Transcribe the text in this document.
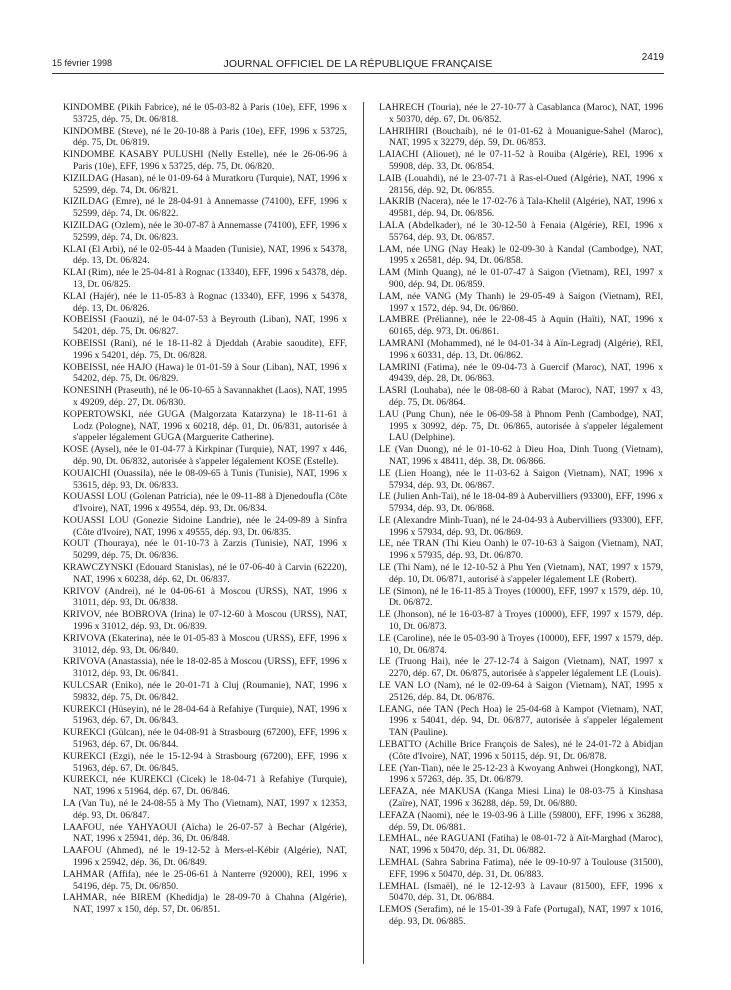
15 février 1998	JOURNAL OFFICIEL DE LA RÉPUBLIQUE FRANÇAISE
2419

KINDOMBE (Pikih Fabrice), né le 05-03-82 à Paris (10e), EFF, 1996 x 53725, dép. 75, Dt. 06/818.

KINDOMBE (Steve), né le 20-10-88 à Paris (10e), EFF, 1996 x 53725, dép. 75, Dt. 06/819.

KINDOMBE KASABY PULUSHI (Nelly Estelle), née le 26-06-96 à Paris (10e), EFF, 1996 x 53725, dép. 75, Dt. 06/820.

KIZILDAG (Hasan), né le 01-09-64 à Muratkoru (Turquie), NAT, 1996 x 52599, dép. 74, Dt. 06/821.

KIZILDAG (Emre), né le 28-04-91 à Annemasse (74100), EFF, 1996 x 52599, dép. 74, Dt. 06/822.

KIZILDAG (Ozlem), née le 30-07-87 à Annemasse (74100), EFF, 1996 x 52599, dép. 74, Dt. 06/823.

KLAI (El Arbi), né le 02-05-44 à Maaden (Tunisie), NAT, 1996 x 54378, dép. 13, Dt. 06/824.

KLAI (Rim), née le 25-04-81 à Rognac (13340), EFF, 1996 x 54378, dép. 13, Dt. 06/825.

KLAI (Hajér), née le 11-05-83 à Rognac (13340), EFF, 1996 x 54378, dép. 13, Dt. 06/826.

KOBEISSI (Faouzi), né le 04-07-53 à Beyrouth (Liban), NAT, 1996 x 54201, dép. 75, Dt. 06/827.

KOBEISSI (Rani), né le 18-11-82 à Djeddah (Arabie saoudite), EFF, 1996 x 54201, dép. 75, Dt. 06/828.

KOBEISSI, née HAJO (Hawa) le 01-01-59 à Sour (Liban), NAT, 1996 x 54202, dép. 75, Dt. 06/829.

KONESINH (Praseuth), né le 06-10-65 à Savannakhet (Laos), NAT, 1995 x 49209, dép. 27, Dt. 06/830.

KOPERTOWSKI, née GUGA (Malgorzata Katarzyna) le 18-11-61 à Lodz (Pologne), NAT, 1996 x 60218, dép. 01, Dt. 06/831, autorisée à s'appeler légalement GUGA (Marguerite Catherine).

KOSE (Aysel), née le 01-04-77 à Kirkpinar (Turquie), NAT, 1997 x 446, dép. 90, Dt. 06/832, autorisée à s'appeler légalement KOSE (Estelle).

KOUAICHI (Ouassila), née le 08-09-65 à Tunis (Tunisie), NAT, 1996 x 53615, dép. 93, Dt. 06/833.

KOUASSI LOU (Golenan Patricia), née le 09-11-88 à Djenedoufla (Côte d'Ivoire), NAT, 1996 x 49554, dép. 93, Dt. 06/834.

KOUASSI LOU (Gonezie Sidoine Landrie), née le 24-09-89 à Sinfra (Côte d'Ivoire), NAT, 1996 x 49555, dép. 93, Dt. 06/835.

KOUT (Thouraya), née le 01-10-73 à Zarzis (Tunisie), NAT, 1996 x 50299, dép. 75, Dt. 06/836.

KRAWCZYNSKI (Edouard Stanislas), né le 07-06-40 à Carvin (62220), NAT, 1996 x 60238, dép. 62, Dt. 06/837.

KRIVOV (Andrei), né le 04-06-61 à Moscou (URSS), NAT, 1996 x 31011, dép. 93, Dt. 06/838.

KRIVOV, née BOBROVA (Irina) le 07-12-60 à Moscou (URSS), NAT, 1996 x 31012, dép. 93, Dt. 06/839.

KRIVOVA (Ekaterina), née le 01-05-83 à Moscou (URSS), EFF, 1996 x 31012, dép. 93, Dt. 06/840.

KRIVOVA (Anastassia), née le 18-02-85 à Moscou (URSS), EFF, 1996 x 31012, dép. 93, Dt. 06/841.

KULCSAR (Eniko), née le 20-01-71 à Cluj (Roumanie), NAT, 1996 x 59832, dép. 75, Dt. 06/842.

KUREKCI (Hüseyin), né le 28-04-64 à Refahiye (Turquie), NAT, 1996 x 51963, dép. 67, Dt. 06/843.

KUREKCI (Gülcan), née le 04-08-91 à Strasbourg (67200), EFF, 1996 x 51963, dép. 67, Dt. 06/844.

KUREKCI (Ezgi), née le 15-12-94 à Strasbourg (67200), EFF, 1996 x 51963, dép. 67, Dt. 06/845.

KUREKCI, née KUREKCI (Cicek) le 18-04-71 à Refahiye (Turquie), NAT, 1996 x 51964, dép. 67, Dt. 06/846.

LA (Van Tu), né le 24-08-55 à My Tho (Vietnam), NAT, 1997 x 12353, dép. 93, Dt. 06/847.

LAAFOU, née YAHYAOUI (Aïcha) le 26-07-57 à Bechar (Algérie), NAT, 1996 x 25941, dép. 36, Dt. 06/848.

LAAFOU (Ahmed), né le 19-12-52 à Mers-el-Kébir (Algérie), NAT, 1996 x 25942, dép. 36, Dt. 06/849.

LAHMAR (Affifa), née le 25-06-61 à Nanterre (92000), REI, 1996 x 54196, dép. 75, Dt. 06/850.

LAHMAR, née BIREM (Khedidja) le 28-09-70 à Chahna (Algérie), NAT, 1997 x 150, dép. 57, Dt. 06/851.

LAHRECH (Touria), née le 27-10-77 à Casablanca (Maroc), NAT, 1996 x 50370, dép. 67, Dt. 06/852.

LAHRIHIRI (Bouchaib), né le 01-01-62 à Mouanigue-Sahel (Maroc), NAT, 1995 x 32279, dép. 59, Dt. 06/853.

LAIACHI (Aliouet), né le 07-11-52 à Rouiba (Algérie), REI, 1996 x 59908, dép. 33, Dt. 06/854.

LAIB (Louahdi), né le 23-07-71 à Ras-el-Oued (Algérie), NAT, 1996 x 28156, dép. 92, Dt. 06/855.

LAKRIB (Nacera), née le 17-02-76 à Tala-Khelil (Algérie), NAT, 1996 x 49581, dép. 94, Dt. 06/856.

LALA (Abdelkader), né le 30-12-50 à Fenaia (Algérie), REI, 1996 x 55764, dép. 93, Dt. 06/857.

LAM, née UNG (Nay Heak) le 02-09-30 à Kandal (Cambodge), NAT, 1995 x 26581, dép. 94, Dt. 06/858.

LAM (Minh Quang), né le 01-07-47 à Saigon (Vietnam), REI, 1997 x 900, dép. 94, Dt. 06/859.

LAM, née VANG (My Thanh) le 29-05-49 à Saigon (Vietnam), REI, 1997 x 1572, dép. 94, Dt. 06/860.

LAMBRE (Prélianne), née le 22-08-45 à Aquin (Haïti), NAT, 1996 x 60165, dép. 973, Dt. 06/861.

LAMRANI (Mohammed), né le 04-01-34 à Aïn-Legradj (Algérie), REI, 1996 x 60331, dép. 13, Dt. 06/862.

LAMRINI (Fatima), née le 09-04-73 à Guercif (Maroc), NAT, 1996 x 49439, dép. 28, Dt. 06/863.

LASRI (Louhaba), née le 08-08-60 à Rabat (Maroc), NAT, 1997 x 43, dép. 75, Dt. 06/864.

LAU (Pung Chun), née le 06-09-58 à Phnom Penh (Cambodge), NAT, 1995 x 30992, dép. 75, Dt. 06/865, autorisée à s'appeler légalement LAU (Delphine).

LE (Van Duong), né le 01-10-62 à Dieu Hoa, Dinh Tuong (Vietnam), NAT, 1996 x 48411, dép. 38, Dt. 06/866.

LE (Lien Hoang), née le 11-03-62 à Saigon (Vietnam), NAT, 1996 x 57934, dép. 93, Dt. 06/867.

LE (Julien Anh-Tai), né le 18-04-89 à Aubervilliers (93300), EFF, 1996 x 57934, dép. 93, Dt. 06/868.

LE (Alexandre Minh-Tuan), né le 24-04-93 à Aubervilliers (93300), EFF, 1996 x 57934, dép. 93, Dt. 06/869.

LE, née TRAN (Thi Kieu Oanh) le 07-10-63 à Saigon (Vietnam), NAT, 1996 x 57935, dép. 93, Dt. 06/870.

LE (Thi Nam), né le 12-10-52 à Phu Yen (Vietnam), NAT, 1997 x 1579, dép. 10, Dt. 06/871, autorisé à s'appeler légalement LE (Robert).

LE (Simon), né le 16-11-85 à Troyes (10000), EFF, 1997 x 1579, dép. 10, Dt. 06/872.

LE (Jhonson), né le 16-03-87 à Troyes (10000), EFF, 1997 x 1579, dép. 10, Dt. 06/873.

LE (Caroline), née le 05-03-90 à Troyes (10000), EFF, 1997 x 1579, dép. 10, Dt. 06/874.

LE (Truong Hai), née le 27-12-74 à Saigon (Vietnam), NAT, 1997 x 2270, dép. 67, Dt. 06/875, autorisée à s'appeler légalement LE (Louis).

LE VAN LO (Nam), né le 02-09-64 à Saigon (Vietnam), NAT, 1995 x 25126, dép. 84, Dt. 06/876.

LEANG, née TAN (Pech Hoa) le 25-04-68 à Kampot (Vietnam), NAT, 1996 x 54041, dép. 94, Dt. 06/877, autorisée à s'appeler légalement TAN (Pauline).

LEBATTO (Achille Brice François de Sales), né le 24-01-72 à Abidjan (Côte d'Ivoire), NAT, 1996 x 50115, dép. 91, Dt. 06/878.

LEE (Yan-Tian), née le 25-12-23 à Kwoyang Anhwei (Hongkong), NAT, 1996 x 57263, dép. 35, Dt. 06/879.

LEFAZA, née MAKUSA (Kanga Miesi Lina) le 08-03-75 à Kinshasa (Zaïre), NAT, 1996 x 36288, dép. 59, Dt. 06/880.

LEFAZA (Naomi), née le 19-03-96 à Lille (59800), EFF, 1996 x 36288, dép. 59, Dt. 06/881.

LEMHAL, née RAGUANI (Fatiha) le 08-01-72 à Aït-Marghad (Maroc), NAT, 1996 x 50470, dép. 31, Dt. 06/882.

LEMHAL (Sahra Sabrina Fatima), née le 09-10-97 à Toulouse (31500), EFF, 1996 x 50470, dép. 31, Dt. 06/883.

LEMHAL (Ismaël), né le 12-12-93 à Lavaur (81500), EFF, 1996 x 50470, dép. 31, Dt. 06/884.

LEMOS (Serafim), né le 15-01-39 à Fafe (Portugal), NAT, 1997 x 1016, dép. 93, Dt. 06/885.
